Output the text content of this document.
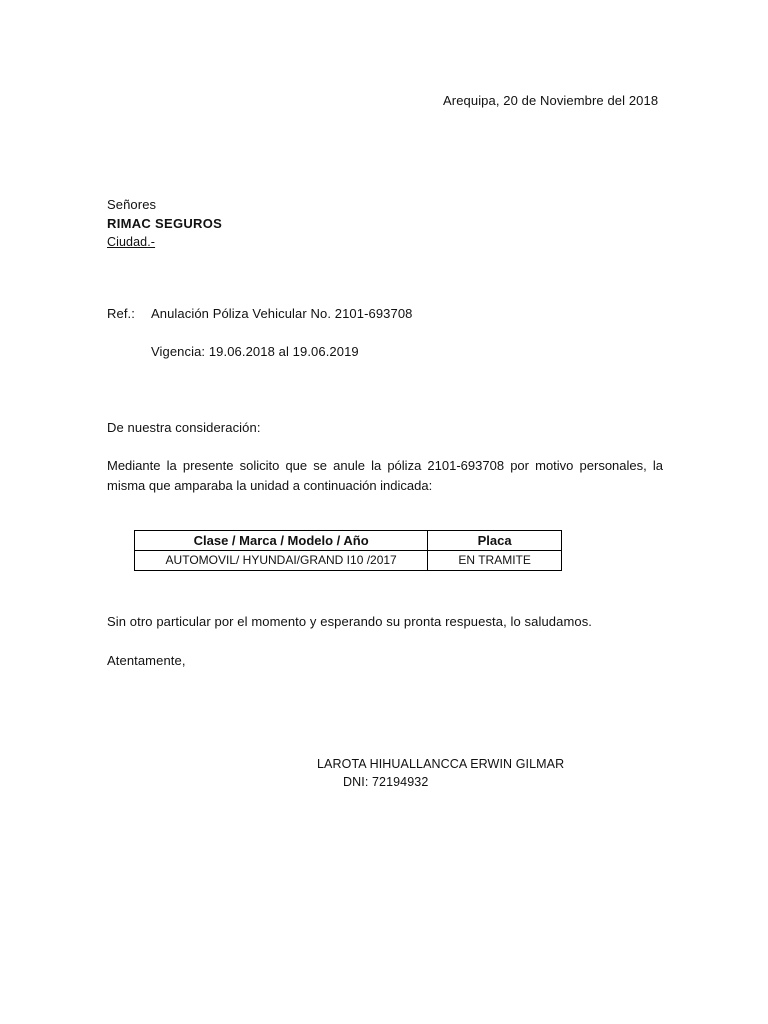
Arequipa, 20 de Noviembre del 2018
Señores
RIMAC SEGUROS
Ciudad.-
Ref.: Anulación Póliza Vehicular No. 2101-693708
Vigencia: 19.06.2018 al 19.06.2019
De nuestra consideración:
Mediante la presente solicito que se anule la póliza 2101-693708 por motivo personales, la misma que amparaba la unidad a continuación indicada:
Clase / Marca / Modelo / Año	Placa
AUTOMOVIL/ HYUNDAI/GRAND I10 /2017	EN TRAMITE
Sin otro particular por el momento y esperando su pronta respuesta, lo saludamos.
Atentamente,
LAROTA HIHUALLANCCA ERWIN GILMAR
DNI: 72194932
